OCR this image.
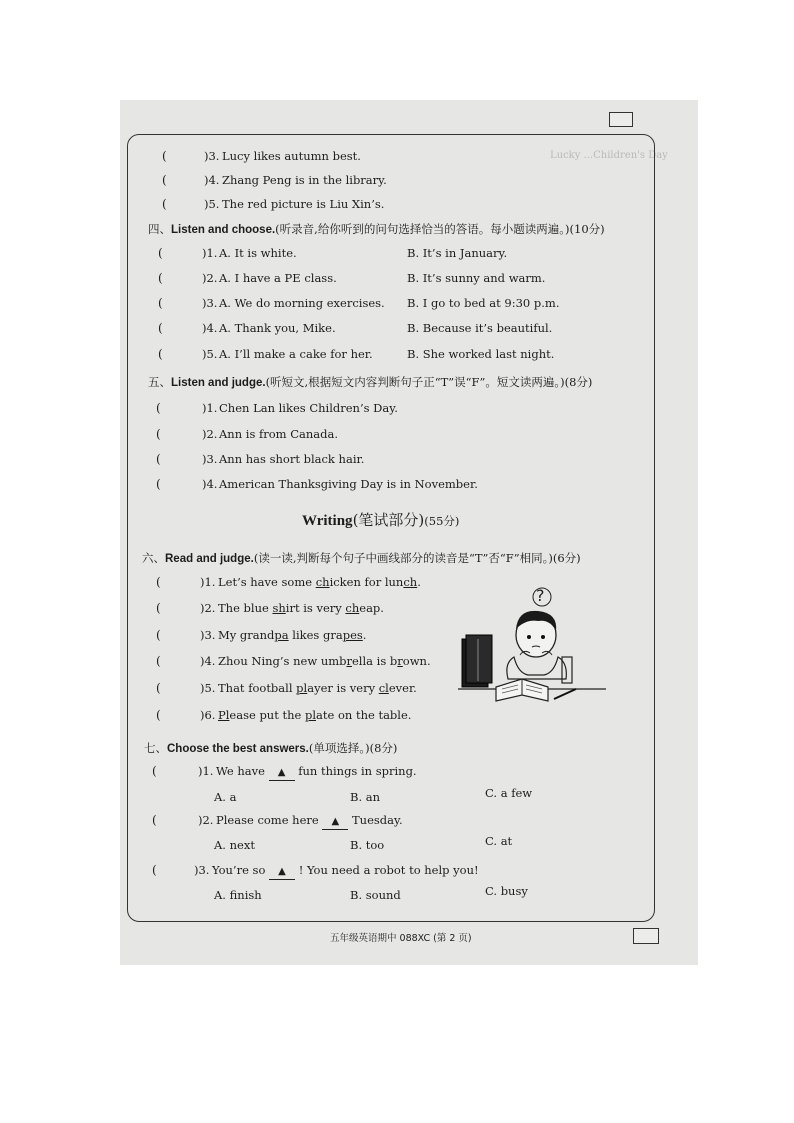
Lucky ...Children's Day
(	)3. Lucy likes autumn best.
(	)4. Zhang Peng is in the library.
(	)5. The red picture is Liu Xin’s.
四、Listen and choose.(听录音,给你听到的问句选择恰当的答语。每小题读两遍。)(10分)
(	)1. A. It is white.	B. It’s in January.
(	)2. A. I have a PE class.	B. It’s sunny and warm.
(	)3. A. We do morning exercises. B. I go to bed at 9:30 p.m.
(	)4. A. Thank you, Mike.	B. Because it’s beautiful.
(	)5. A. I’ll make a cake for her.	B. She worked last night.
五、Listen and judge.(听短文,根据短文内容判断句子正“T”误“F”。短文读两遍。)(8分)
(	)1. Chen Lan likes Children’s Day.
(	)2. Ann is from Canada.
(	)3. Ann has short black hair.
(	)4. American Thanksgiving Day is in November.
Writing(笔试部分)(55分)
六、Read and judge.(读一读,判断每个句子中画线部分的读音是“T”否“F”相同。)(6分)
(	)1. Let’s have some chicken for lunch.
(	)2. The blue shirt is very cheap.
(	)3. My grandpa likes grapes.
(	)4. Zhou Ning’s new umbrella is brown.
(	)5. That football player is very clever.
(	)6. Please put the plate on the table.
?
七、Choose the best answers.(单项选择。)(8分)
(	)1. We have ▲ fun things in spring.
A. a	B. an	C. a few
(	)2. Please come here ▲ Tuesday.
A. next	B. too	C. at
(	)3. You’re so ▲ ! You need a robot to help you!
A. finish	B. sound	C. busy
五年级英语期中 088XC (第 2 页)
